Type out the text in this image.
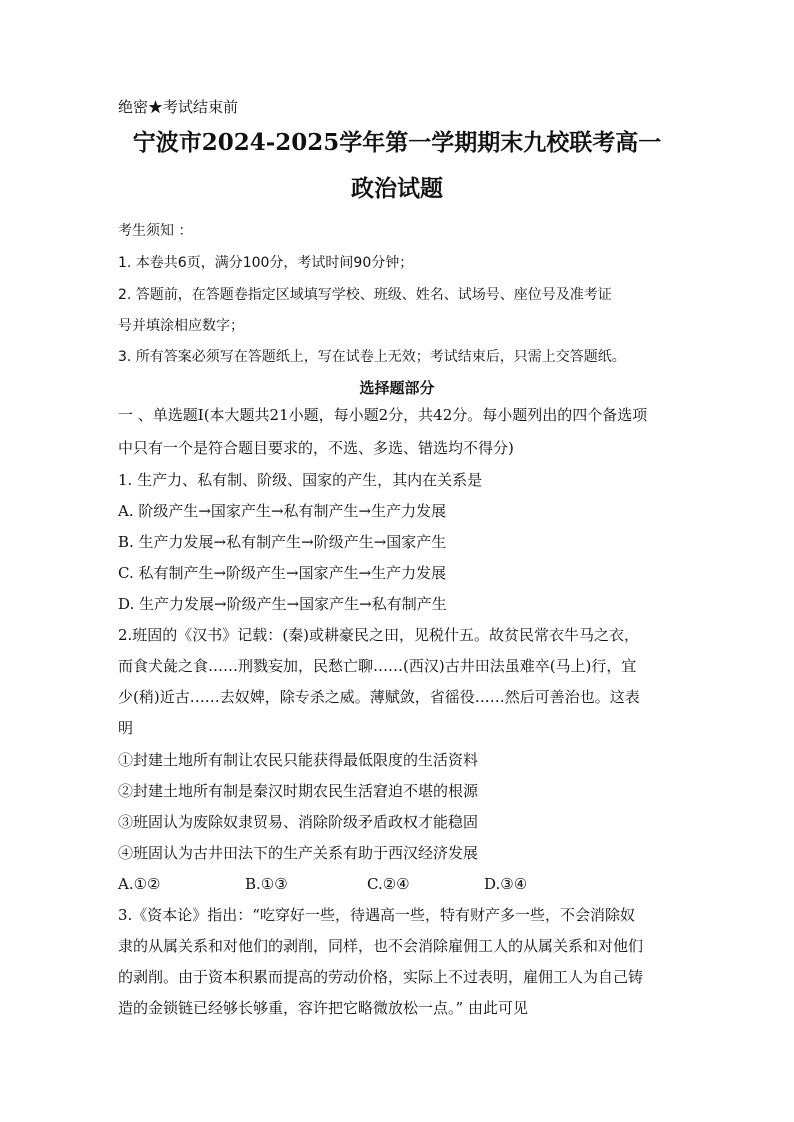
绝密★考试结束前
宁波市2024-2025学年第一学期期末九校联考高一
政治试题
考生须知 ：
1. 本卷共6页，满分100分，考试时间90分钟；
2. 答题前，在答题卷指定区域填写学校、班级、姓名、试场号、座位号及准考证
号并填涂相应数字；
3. 所有答案必须写在答题纸上，写在试卷上无效；考试结束后，只需上交答题纸。
选择题部分
一 、单选题I(本大题共21小题，每小题2分，共42分。每小题列出的四个备选项
中只有一个是符合题目要求的，不选、多选、错选均不得分)
1. 生产力、私有制、阶级、国家的产生，其内在关系是
A. 阶级产生→国家产生→私有制产生→生产力发展
B. 生产力发展→私有制产生→阶级产生→国家产生
C. 私有制产生→阶级产生→国家产生→生产力发展
D. 生产力发展→阶级产生→国家产生→私有制产生
2.班固的《汉书》记载：(秦)或耕豪民之田，见税什五。故贫民常衣牛马之衣，
而食犬彘之食……刑戮妄加，民愁亡聊……(西汉)古井田法虽难卒(马上)行，宜
少(稍)近古……去奴婢，除专杀之威。薄赋敛，省徭役……然后可善治也。这表
明
①封建土地所有制让农民只能获得最低限度的生活资料
②封建土地所有制是秦汉时期农民生活窘迫不堪的根源
③班固认为废除奴隶贸易、消除阶级矛盾政权才能稳固
④班固认为古井田法下的生产关系有助于西汉经济发展
A.①②	B.①③	C.②④	D.③④
3.《资本论》指出：“吃穿好一些，待遇高一些，特有财产多一些，不会消除奴
隶的从属关系和对他们的剥削，同样，也不会消除雇佣工人的从属关系和对他们
的剥削。由于资本积累而提高的劳动价格，实际上不过表明，雇佣工人为自己铸
造的金锁链已经够长够重，容许把它略微放松一点。” 由此可见
